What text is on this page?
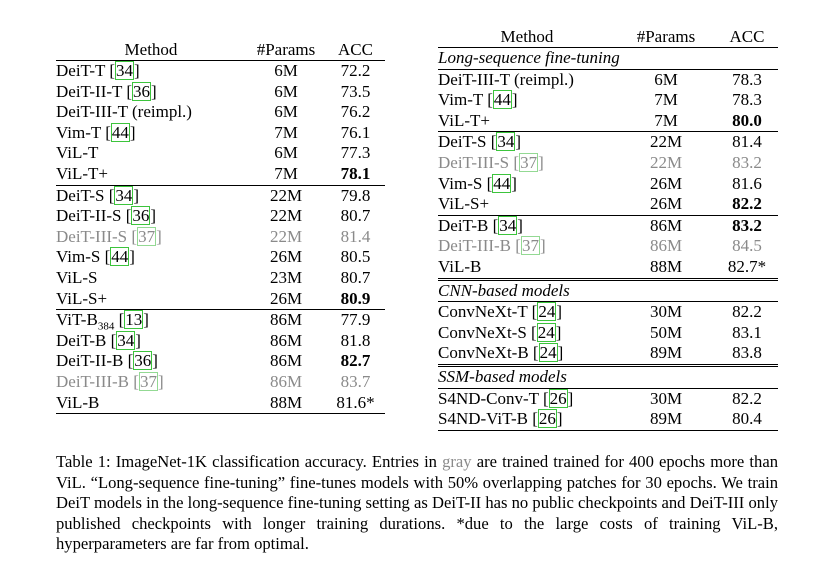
Method	#Params	ACC
DeiT-T [34]	6M	72.2
DeiT-II-T [36]	6M	73.5
DeiT-III-T (reimpl.)	6M	76.2
Vim-T [44]	7M	76.1
ViL-T	6M	77.3
ViL-T+	7M	78.1
DeiT-S [34]	22M	79.8
DeiT-II-S [36]	22M	80.7
DeiT-III-S [37]	22M	81.4
Vim-S [44]	26M	80.5
ViL-S	23M	80.7
ViL-S+	26M	80.9
ViT-$B_{384}$ [13]	86M	77.9
DeiT-B [34]	86M	81.8
DeiT-II-B [36]	86M	82.7
DeiT-III-B [37]	86M	83.7
ViL-B	88M	81.6*
Method	#Params	ACC
Long-sequence fine-tuning		
DeiT-III-T (reimpl.)	6M	78.3
Vim-T [44]	7M	78.3
ViL-T+	7M	80.0
DeiT-S [34]	22M	81.4
DeiT-III-S [37]	22M	83.2
Vim-S [44]	26M	81.6
ViL-S+	26M	82.2
DeiT-B [34]	86M	83.2
DeiT-III-B [37]	86M	84.5
ViL-B	88M	82.7*
CNN-based models		
ConvNeXt-T [24]	30M	82.2
ConvNeXt-S [24]	50M	83.1
ConvNeXt-B [24]	89M	83.8
SSM-based models		
S4ND-Conv-T [26]	30M	82.2
S4ND-ViT-B [26]	89M	80.4
Table 1: ImageNet-1K classification accuracy. Entries in gray are trained trained for 400 epochs more than ViL. “Long-sequence fine-tuning” fine-tunes models with 50% overlapping patches for 30 epochs. We train DeiT models in the long-sequence fine-tuning setting as DeiT-II has no public checkpoints and DeiT-III only published checkpoints with longer training durations. *due to the large costs of training ViL-B, hyperparameters are far from optimal.
